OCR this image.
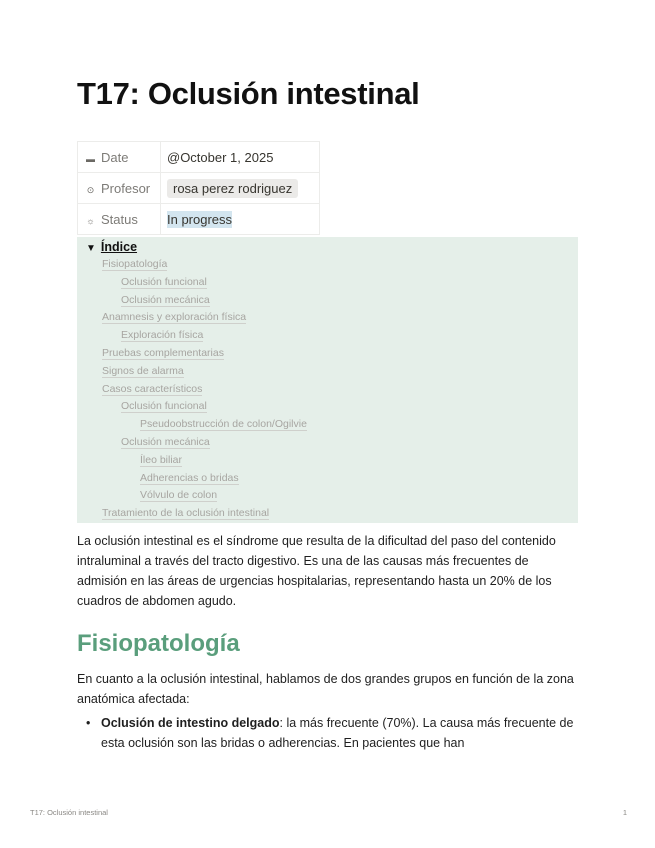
T17: Oclusión intestinal
▬ Date	@October 1, 2025
⊙ Profesor	rosa perez rodriguez
☼ Status	In progress
▼ Índice
Fisiopatología
Oclusión funcional
Oclusión mecánica
Anamnesis y exploración física
Exploración física
Pruebas complementarias
Signos de alarma
Casos característicos
Oclusión funcional
Pseudoobstrucción de colon/Ogilvie
Oclusión mecánica
Íleo biliar
Adherencias o bridas
Vólvulo de colon
Tratamiento de la oclusión intestinal

La oclusión intestinal es el síndrome que resulta de la dificultad del paso del contenido intraluminal a través del tracto digestivo. Es una de las causas más frecuentes de admisión en las áreas de urgencias hospitalarias, representando hasta un 20% de los cuadros de abdomen agudo.

Fisiopatología

En cuanto a la oclusión intestinal, hablamos de dos grandes grupos en función de la zona anatómica afectada:

• Oclusión de intestino delgado: la más frecuente (70%). La causa más frecuente de esta oclusión son las bridas o adherencias. En pacientes que han
T17: Oclusión intestinal	1
